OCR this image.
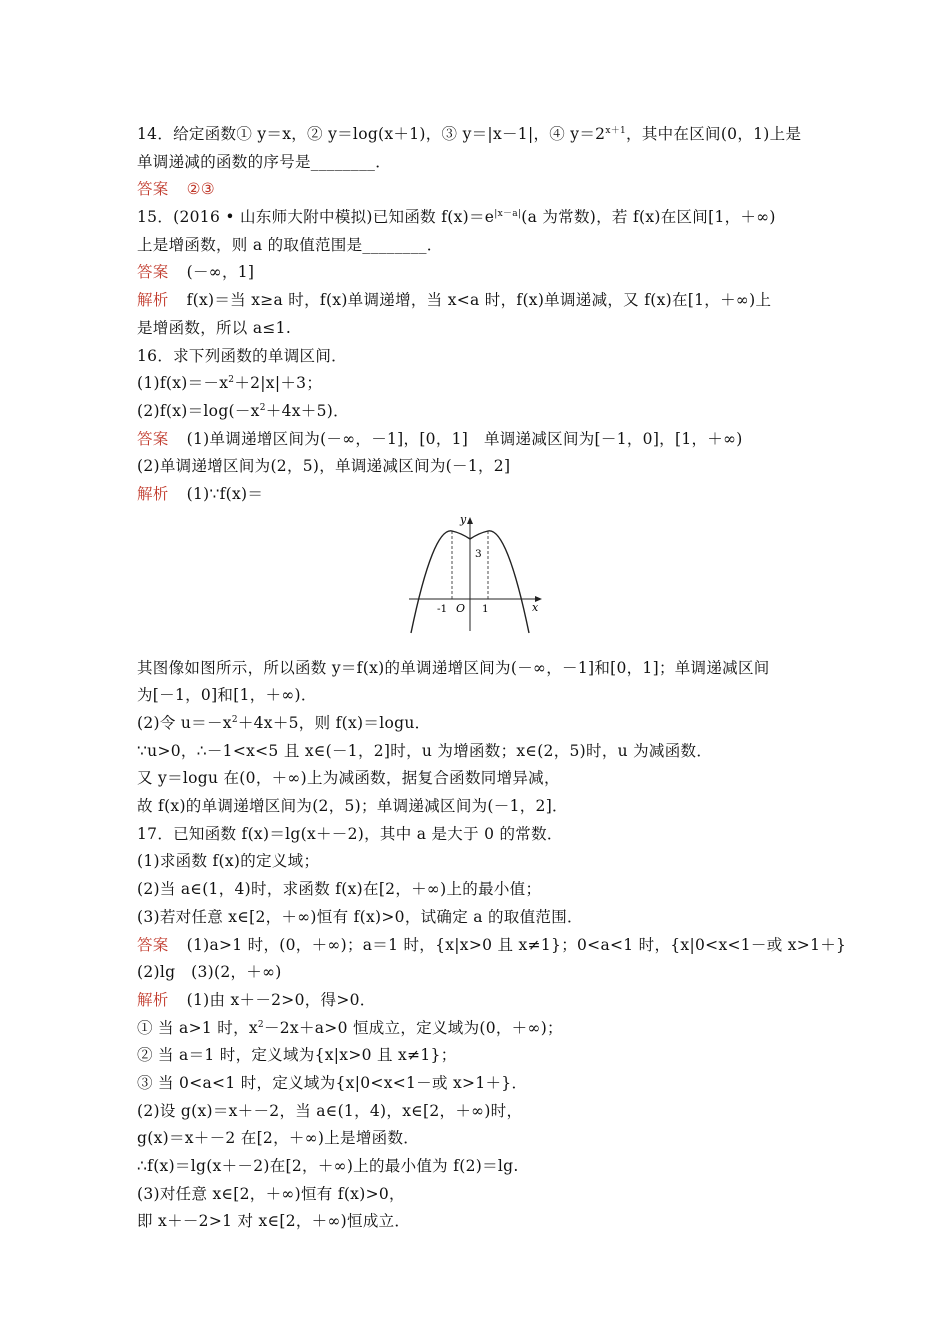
14．给定函数① y＝x，② y＝log(x＋1)，③ y＝|x－1|，④ $y=2^{x+1}$，其中在区间(0，1)上是
单调递减的函数的序号是________．
答案 ②③
15．(2016 • 山东师大附中模拟)已知函数 $f(x)=e^{|x-a|}(a$ 为常数)，若 f(x)在区间[1，＋∞)
上是增函数，则 a 的取值范围是________．
答案 (－∞，1]
解析 f(x)＝当 x≥a 时，f(x)单调递增，当 x<a 时，f(x)单调递减，又 f(x)在[1，＋∞)上
是增函数，所以 a≤1.
16．求下列函数的单调区间．
$(1)f(x)=-x^2+2|x|+3$；
$(2)f(x)=\log(-x^2+4x+5)$．
答案 (1)单调递增区间为(－∞，－1]，[0，1]　单调递减区间为[－1，0]，[1，＋∞)
(2)单调递增区间为(2，5)，单调递减区间为(－1，2]
解析 (1)∵f(x)＝
y
x
O
-1	1
3
其图像如图所示，所以函数 y＝f(x)的单调递增区间为(－∞，－1]和[0，1]；单调递减区间
为[－1，0]和[1，＋∞)．
(2)令 $u=-x^2+4x+5$，则 f(x)＝logu．
∵u>0，∴－1<x<5 且 x∈(－1，2]时，u 为增函数；x∈(2，5)时，u 为减函数．
又 y＝logu 在(0，＋∞)上为减函数，据复合函数同增异减，
故 f(x)的单调递增区间为(2，5)；单调递减区间为(－1，2]．
17．已知函数 f(x)＝lg(x＋－2)，其中 a 是大于 0 的常数．
(1)求函数 f(x)的定义域；
(2)当 a∈(1，4)时，求函数 f(x)在[2，＋∞)上的最小值；
(3)若对任意 x∈[2，＋∞)恒有 f(x)>0，试确定 a 的取值范围．
答案 (1)a>1 时，(0，＋∞)；a＝1 时，{x|x>0 且 x≠1}；0<a<1 时，{x|0<x<1－或 x>1＋}
(2)lg　(3)(2，＋∞)
解析 (1)由 x＋－2>0，得>0．
① 当 a>1 时，$x^2-2x+a>0$ 恒成立，定义域为(0，＋∞)；
② 当 a＝1 时，定义域为{x|x>0 且 x≠1}；
③ 当 0<a<1 时，定义域为{x|0<x<1－或 x>1＋}．
(2)设 g(x)＝x＋－2，当 a∈(1，4)，x∈[2，＋∞)时，
g(x)＝x＋－2 在[2，＋∞)上是增函数．
∴f(x)＝lg(x＋－2)在[2，＋∞)上的最小值为 f(2)＝lg.
(3)对任意 x∈[2，＋∞)恒有 f(x)>0，
即 x＋－2>1 对 x∈[2，＋∞)恒成立．
